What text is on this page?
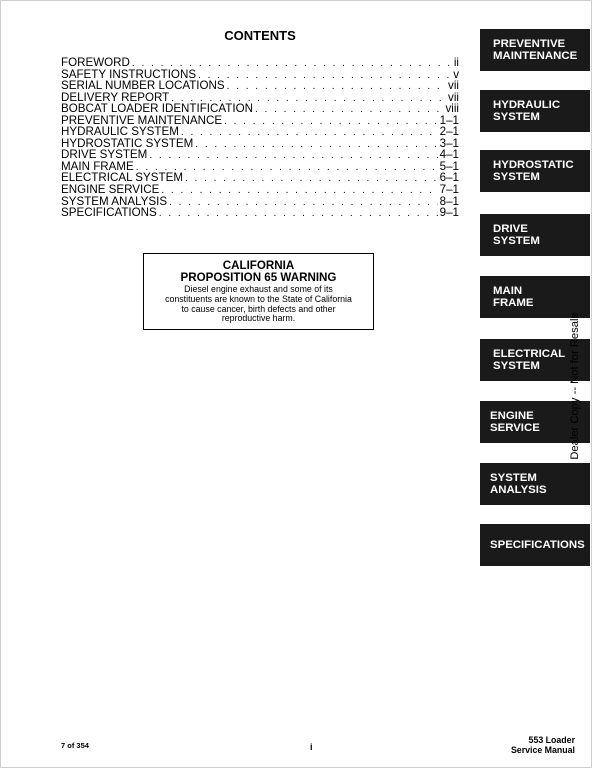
CONTENTS
FOREWORD . . .	ii
SAFETY INSTRUCTIONS . . .	v
SERIAL NUMBER LOCATIONS . . .	vii
DELIVERY REPORT . . .	vii
BOBCAT LOADER IDENTIFICATION . . .	viii
PREVENTIVE MAINTENANCE . . .	1–1
HYDRAULIC SYSTEM . . .	2–1
HYDROSTATIC SYSTEM . . .	3–1
DRIVE SYSTEM . . .	4–1
MAIN FRAME . . .	5–1
ELECTRICAL SYSTEM . . .	6–1
ENGINE SERVICE . . .	7–1
SYSTEM ANALYSIS . . .	8–1
SPECIFICATIONS . . .	9–1
CALIFORNIA
PROPOSITION 65 WARNING
Diesel engine exhaust and some of its
constituents are known to the State of California
to cause cancer, birth defects and other
reproductive harm.
PREVENTIVE
MAINTENANCE
HYDRAULIC
SYSTEM
HYDROSTATIC
SYSTEM
DRIVE
SYSTEM
MAIN
FRAME
ELECTRICAL
SYSTEM
ENGINE
SERVICE
SYSTEM
ANALYSIS
SPECIFICATIONS
Dealer Copy -- Not for Resale
7 of 354	i
553 Loader
Service Manual
